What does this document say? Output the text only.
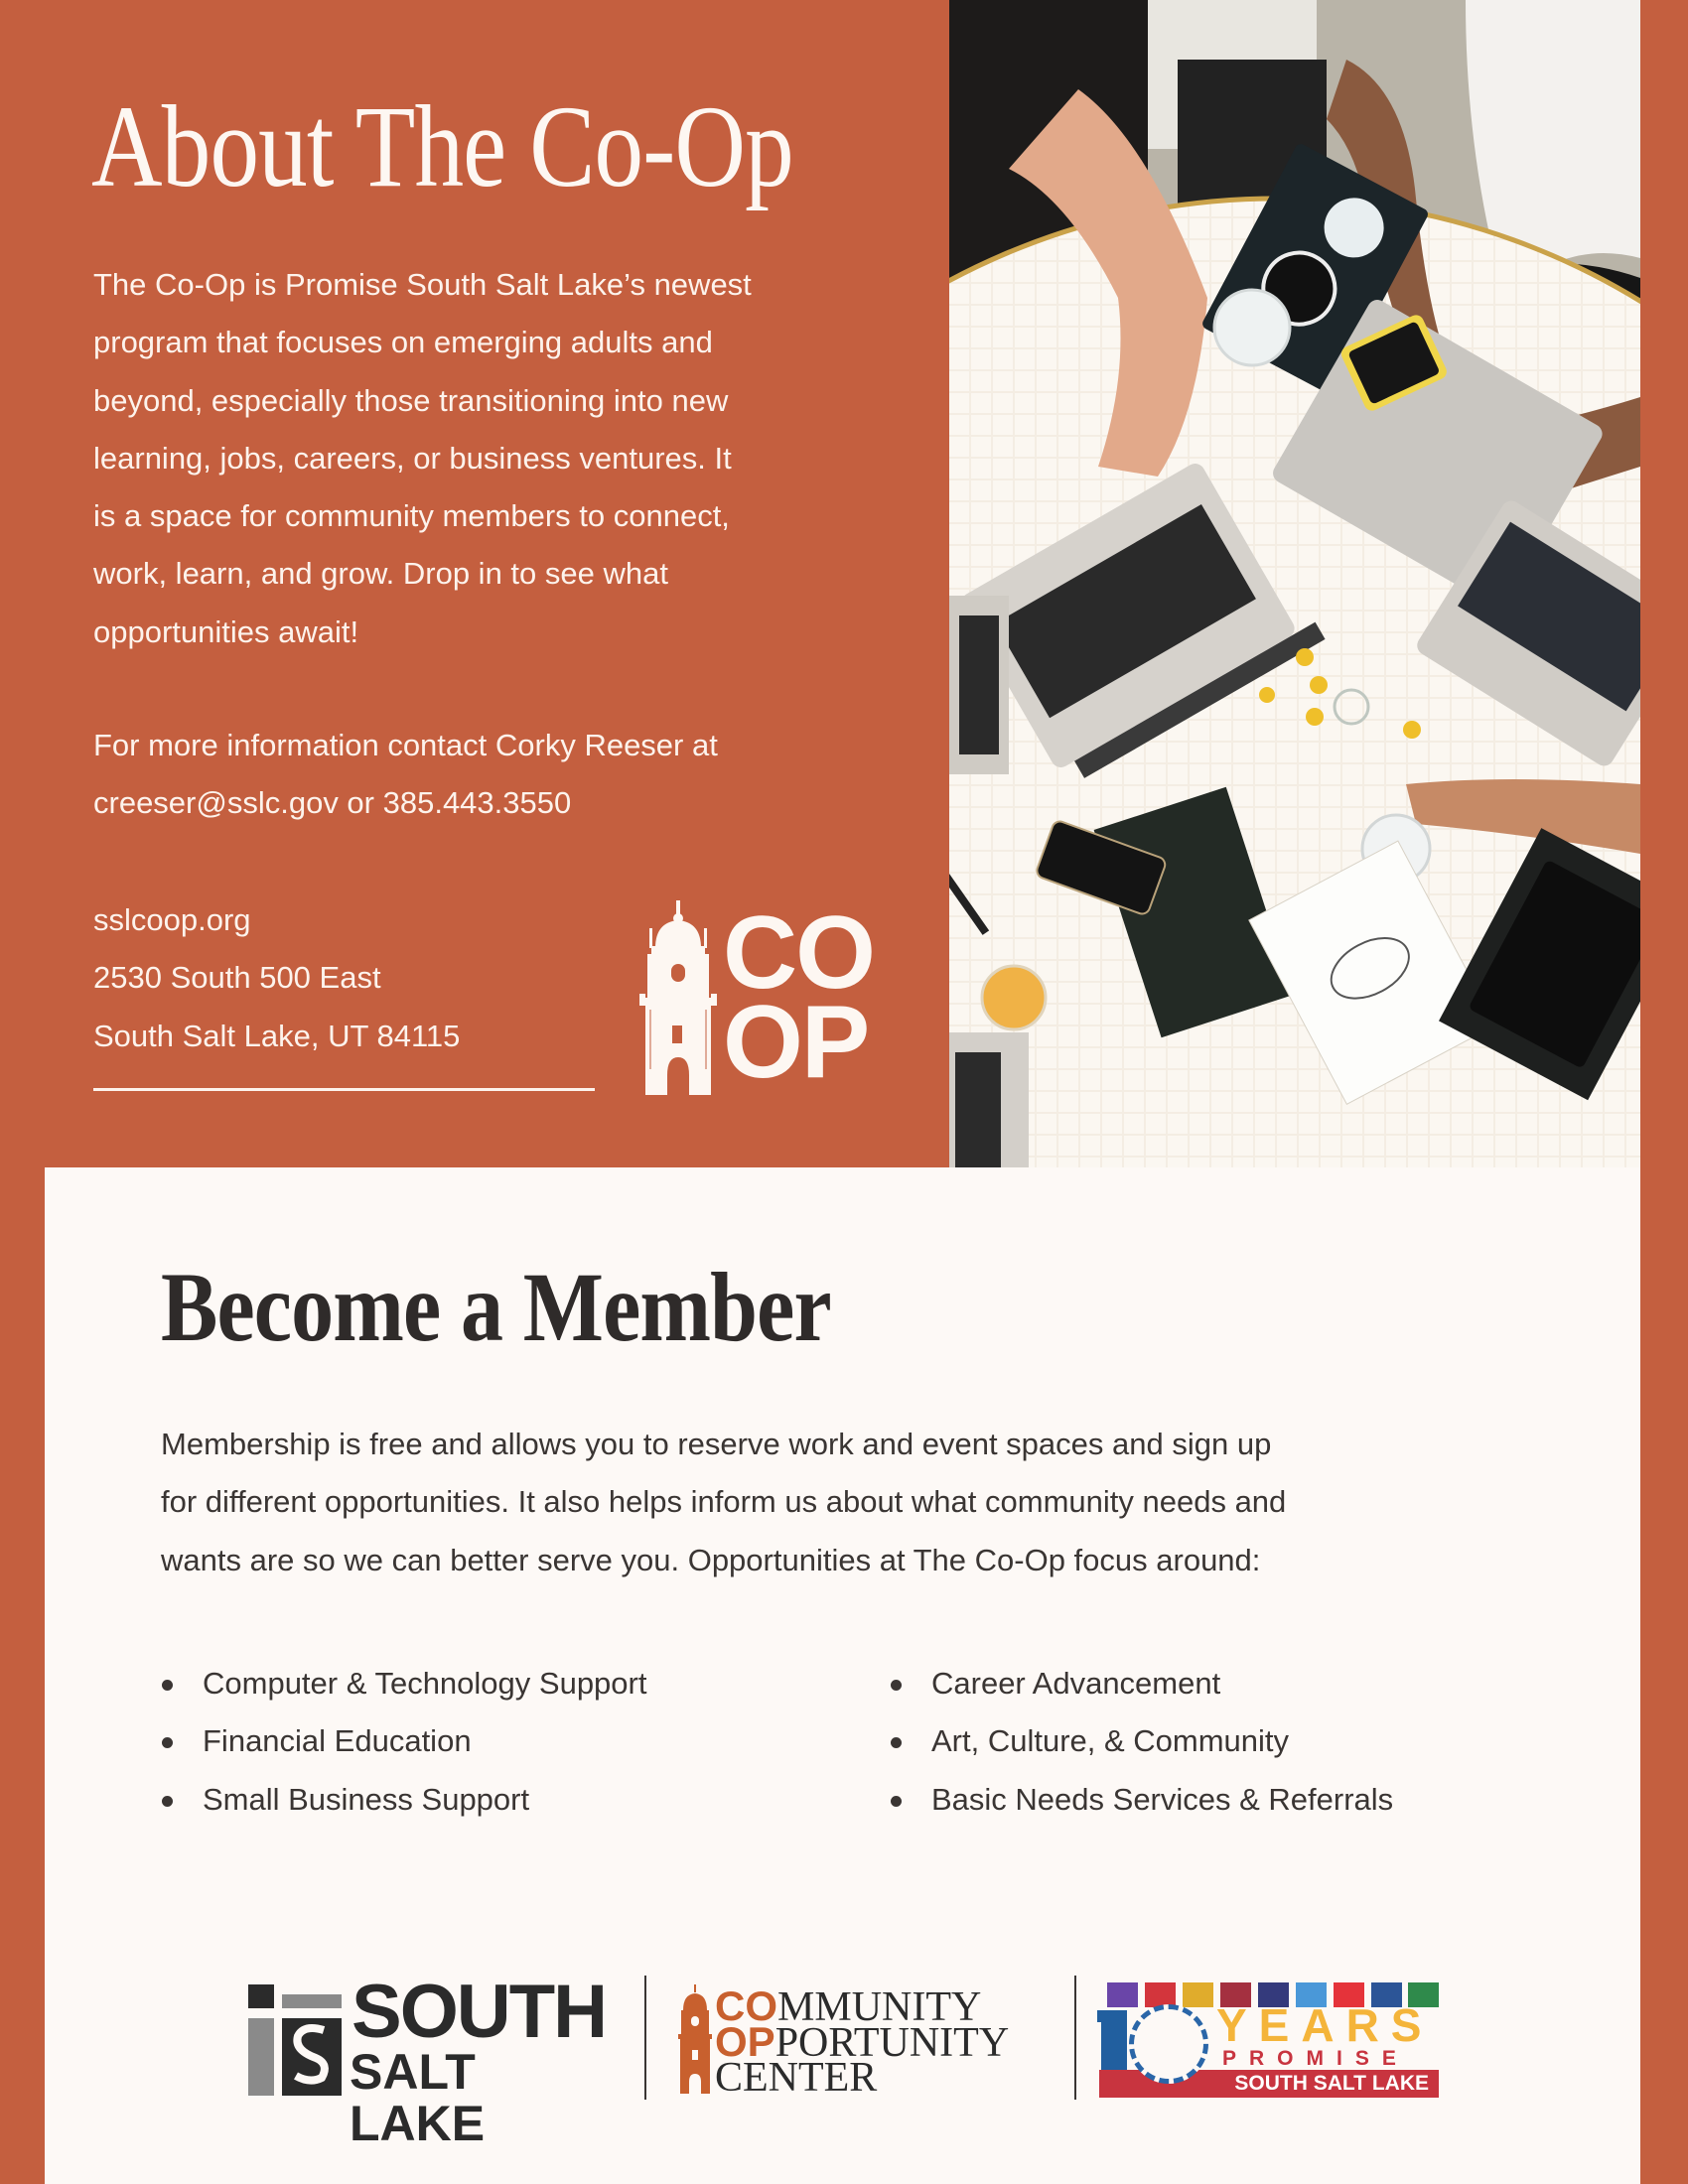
About The Co-Op
The Co-Op is Promise South Salt Lake’s newest
program that focuses on emerging adults and
beyond, especially those transitioning into new
learning, jobs, careers, or business ventures. It
is a space for community members to connect,
work, learn, and grow. Drop in to see what
opportunities await!
For more information contact Corky Reeser at
creeser@sslc.gov or 385.443.3550
sslcoop.org
2530 South 500 East
South Salt Lake, UT 84115
CO
OP
Become a Member
Membership is free and allows you to reserve work and event spaces and sign up
for different opportunities. It also helps inform us about what community needs and
wants are so we can better serve you. Opportunities at The Co-Op focus around:
Computer & Technology Support
Financial Education
Small Business Support
Career Advancement
Art, Culture, & Community
Basic Needs Services & Referrals
SOUTH
SALT LAKE
COMMUNITY
OPPORTUNITY
CENTER	SOUTH SALT LAKE
YEARS
PROMISE
